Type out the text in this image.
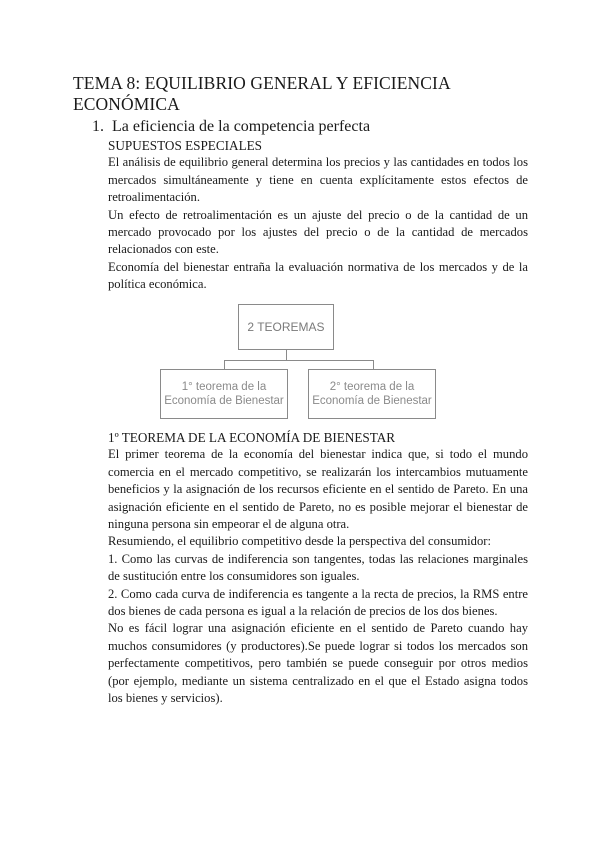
TEMA 8: EQUILIBRIO GENERAL Y EFICIENCIA ECONÓMICA
1. La eficiencia de la competencia perfecta
SUPUESTOS ESPECIALES

El análisis de equilibrio general determina los precios y las cantidades en todos los mercados simultáneamente y tiene en cuenta explícitamente estos efectos de retroalimentación.

Un efecto de retroalimentación es un ajuste del precio o de la cantidad de un mercado provocado por los ajustes del precio o de la cantidad de mercados relacionados con este.

Economía del bienestar entraña la evaluación normativa de los mercados y de la política económica.

2 TEOREMAS
1° teorema de la Economía de Bienestar
2° teorema de la Economía de Bienestar
1º TEOREMA DE LA ECONOMÍA DE BIENESTAR

El primer teorema de la economía del bienestar indica que, si todo el mundo comercia en el mercado competitivo, se realizarán los intercambios mutuamente beneficios y la asignación de los recursos eficiente en el sentido de Pareto. En una asignación eficiente en el sentido de Pareto, no es posible mejorar el bienestar de ninguna persona sin empeorar el de alguna otra.

Resumiendo, el equilibrio competitivo desde la perspectiva del consumidor:

1. Como las curvas de indiferencia son tangentes, todas las relaciones marginales de sustitución entre los consumidores son iguales.

2. Como cada curva de indiferencia es tangente a la recta de precios, la RMS entre dos bienes de cada persona es igual a la relación de precios de los dos bienes.

No es fácil lograr una asignación eficiente en el sentido de Pareto cuando hay muchos consumidores (y productores).Se puede lograr si todos los mercados son perfectamente competitivos, pero también se puede conseguir por otros medios (por ejemplo, mediante un sistema centralizado en el que el Estado asigna todos los bienes y servicios).
